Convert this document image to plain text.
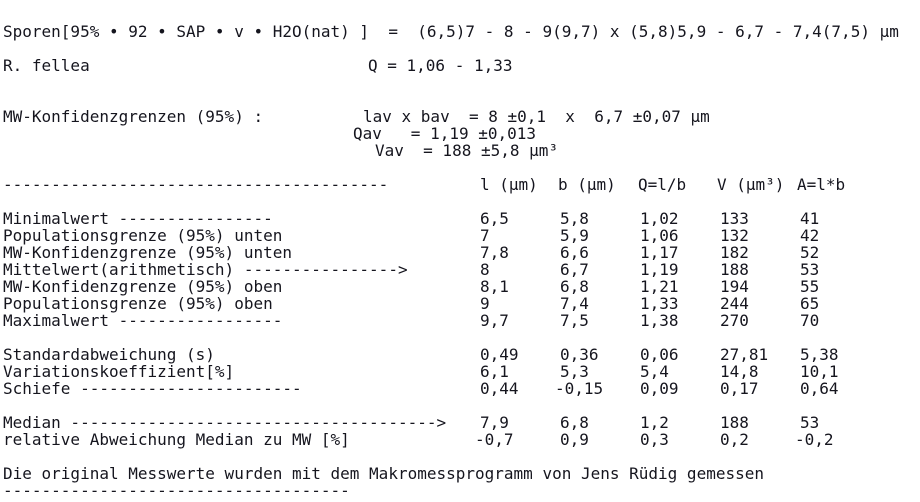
Sporen[95% • 92 • SAP • v • H2O(nat) ]  =  (6,5)7 - 8 - 9(9,7) x (5,8)5,9 - 6,7 - 7,4(7,5) µm
R. fellea	Q = 1,06 - 1,33
MW-Konfidenzgrenzen (95%) :	lav x bav  = 8 ±0,1  x  6,7 ±0,07 µm
Qav   = 1,19 ±0,013
Vav  = 188 ±5,8 µm³
----------------------------------------	l (µm) b (µm) Q=l/b V (µm³) A=l*b
Minimalwert ----------------	6,5	5,8	1,02	133	41
Populationsgrenze (95%) unten	7	5,9	1,06	132	42
MW-Konfidenzgrenze (95%) unten	7,8	6,6	1,17	182	52
Mittelwert(arithmetisch) ---------------->	8	6,7	1,19	188	53
MW-Konfidenzgrenze (95%) oben	8,1	6,8	1,21	194	55
Populationsgrenze (95%) oben	9	7,4	1,33	244	65
Maximalwert -----------------	9,7	7,5	1,38	270	70
Standardabweichung (s)	0,49	0,36	0,06	27,81 5,38
Variationskoeffizient[%]	6,1	5,3	5,4	14,8	10,1
Schiefe -----------------------	0,44 -0,15 0,09	0,17	0,64
Median --------------------------------------> 7,9	6,8	1,2	188	53
relative Abweichung Median zu MW [%]	-0,7	0,9	0,3	0,2	-0,2
Die original Messwerte wurden mit dem Makromessprogramm von Jens Rüdig gemessen
------------------------------------
